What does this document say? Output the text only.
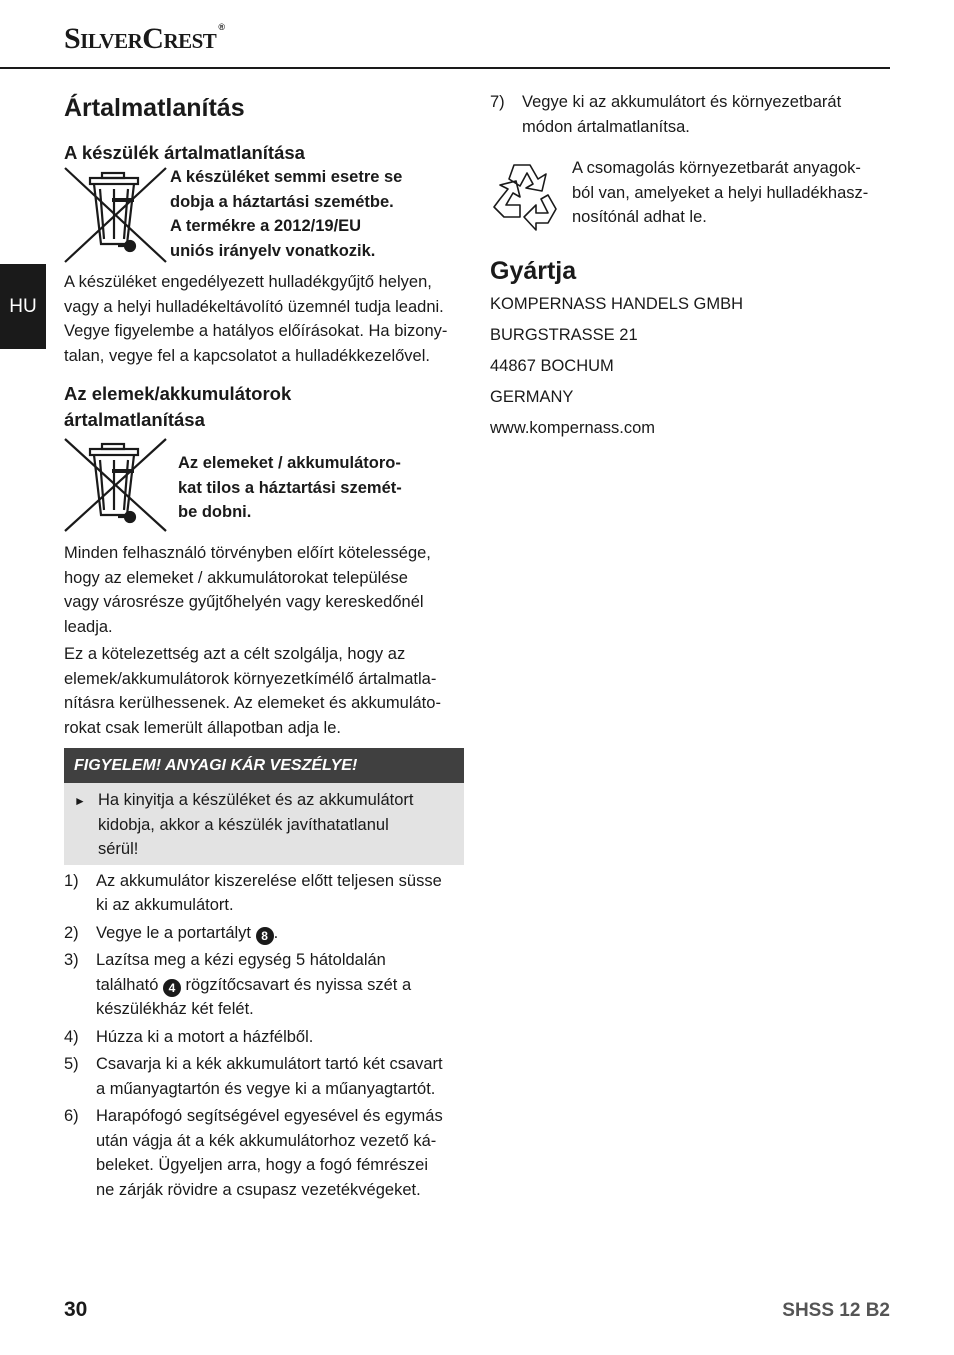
SilverCrest ®
HU
Ártalmatlanítás
A készülék ártalmatlanítása
A készüléket semmi esetre se
dobja a háztartási szemétbe.
A termékre a 2012/19/EU
uniós irányelv vonatkozik.

A készüléket engedélyezett hulladékgyűjtő helyen,

vagy a helyi hulladékeltávolító üzemnél tudja leadni.

Vegye figyelembe a hatályos előírásokat. Ha bizony-

talan, vegye fel a kapcsolatot a hulladékkezelővel.

Az elemek/akkumulátorok
ártalmatlanítása
Az elemeket / akkumulátoro-
kat tilos a háztartási szemét-
be dobni.

Minden felhasználó törvényben előírt kötelessége,

hogy az elemeket / akkumulátorokat települése

vagy városrésze gyűjtőhelyén vagy kereskedőnél

leadja.

Ez a kötelezettség azt a célt szolgálja, hogy az

elemek/akkumulátorok környezetkímélő ártalmatla-

nításra kerülhessenek. Az elemeket és akkumuláto-

rokat csak lemerült állapotban adja le.

FIGYELEM! ANYAGI KÁR VESZÉLYE!
► Ha kinyitja a készüléket és az akkumulátort
kidobja, akkor a készülék javíthatatlanul
sérül!
1)	Az akkumulátor kiszerelése előtt teljesen süsse
ki az akkumulátort.
2)	Vegye le a portartályt 8 .
3)	Lazítsa meg a kézi egység 5 hátoldalán
található 4 rögzítőcsavart és nyissa szét a
készülékház két felét.
4)	Húzza ki a motort a házfélből.
5)	Csavarja ki a kék akkumulátort tartó két csavart
a műanyagtartón és vegye ki a műanyagtartót.
6)	Harapófogó segítségével egyesével és egymás
után vágja át a kék akkumulátorhoz vezető ká-
beleket. Ügyeljen arra, hogy a fogó fémrészei
ne zárják rövidre a csupasz vezetékvégeket.
7)	Vegye ki az akkumulátort és környezetbarát
módon ártalmatlanítsa.
A csomagolás környezetbarát anyagok-
ból van, amelyeket a helyi hulladékhasz-
nosítónál adhat le.
Gyártja

KOMPERNASS HANDELS GMBH

BURGSTRASSE 21

44867 BOCHUM

GERMANY

www.kompernass.com

30	SHSS 12 B2
